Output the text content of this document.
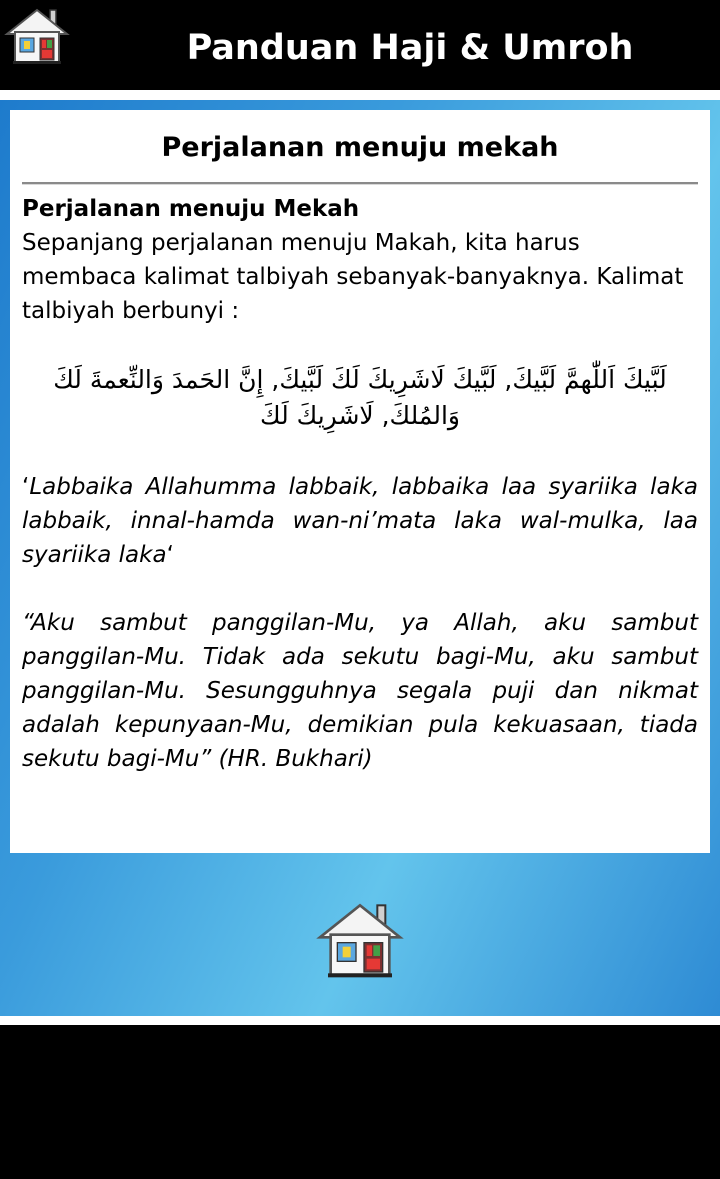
Panduan Haji & Umroh
Perjalanan menuju mekah

Perjalanan menuju Mekah

Sepanjang perjalanan menuju Makah, kita harus membaca kalimat talbiyah sebanyak-banyaknya. Kalimat talbiyah berbunyi :

لَبَّيكَ اَللّٰهمَّ لَبَّيكَ, لَبَّيكَ لَاشَرِيكَ لَكَ لَبَّيكَ, إِنَّ الحَمدَ وَالنِّعمةَ لَكَ وَالمُلكَ, لَاشَرِيكَ لَكَ

‘Labbaika Allahumma labbaik, labbaika laa syariika laka labbaik, innal-hamda wan-ni’mata laka wal-mulka, laa syariika laka‘

“Aku sambut panggilan-Mu, ya Allah, aku sambut panggilan-Mu. Tidak ada sekutu bagi-Mu, aku sambut panggilan-Mu. Sesungguhnya segala puji dan nikmat adalah kepunyaan-Mu, demikian pula kekuasaan, tiada sekutu bagi-Mu” (HR. Bukhari)
